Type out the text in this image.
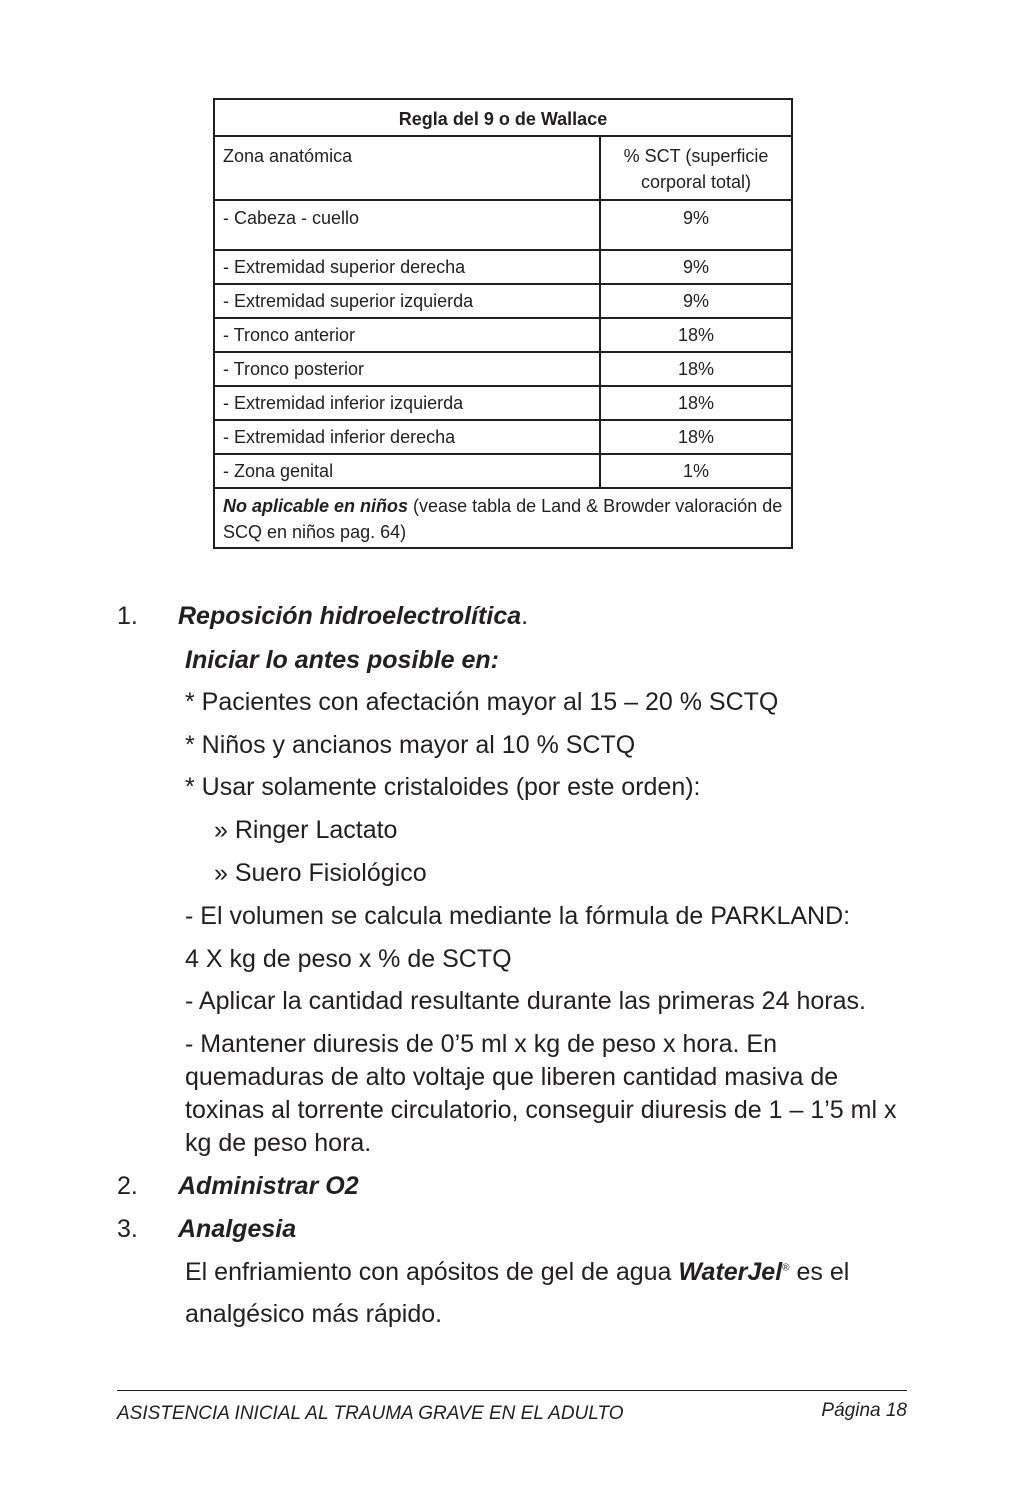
Regla del 9 o de Wallace	
Zona anatómica	% SCT (superficie
corporal total)
- Cabeza - cuello	9%
- Extremidad superior derecha	9%
- Extremidad superior izquierda	9%
- Tronco anterior	18%
- Tronco posterior	18%
- Extremidad inferior izquierda	18%
- Extremidad inferior derecha	18%
- Zona genital	1%
No aplicable en niños (vease tabla de Land & Browder valoración de SCQ en niños pag. 64)	
1. Reposición hidroelectrolítica.
Iniciar lo antes posible en:
* Pacientes con afectación mayor al 15 – 20 % SCTQ
* Niños y ancianos mayor al 10 % SCTQ
* Usar solamente cristaloides (por este orden):
» Ringer Lactato
» Suero Fisiológico
- El volumen se calcula mediante la fórmula de PARKLAND:
4 X kg de peso x % de SCTQ
- Aplicar la cantidad resultante durante las primeras 24 horas.
- Mantener diuresis de 0’5 ml x kg de peso x hora. En quemaduras de alto voltaje que liberen cantidad masiva de toxinas al torrente circulatorio, conseguir diuresis de 1 – 1’5 ml x kg de peso hora.
2. Administrar O2
3. Analgesia
El enfriamiento con apósitos de gel de agua WaterJel® es el
analgésico más rápido.
ASISTENCIA INICIAL AL TRAUMA GRAVE EN EL ADULTO	Página 18
